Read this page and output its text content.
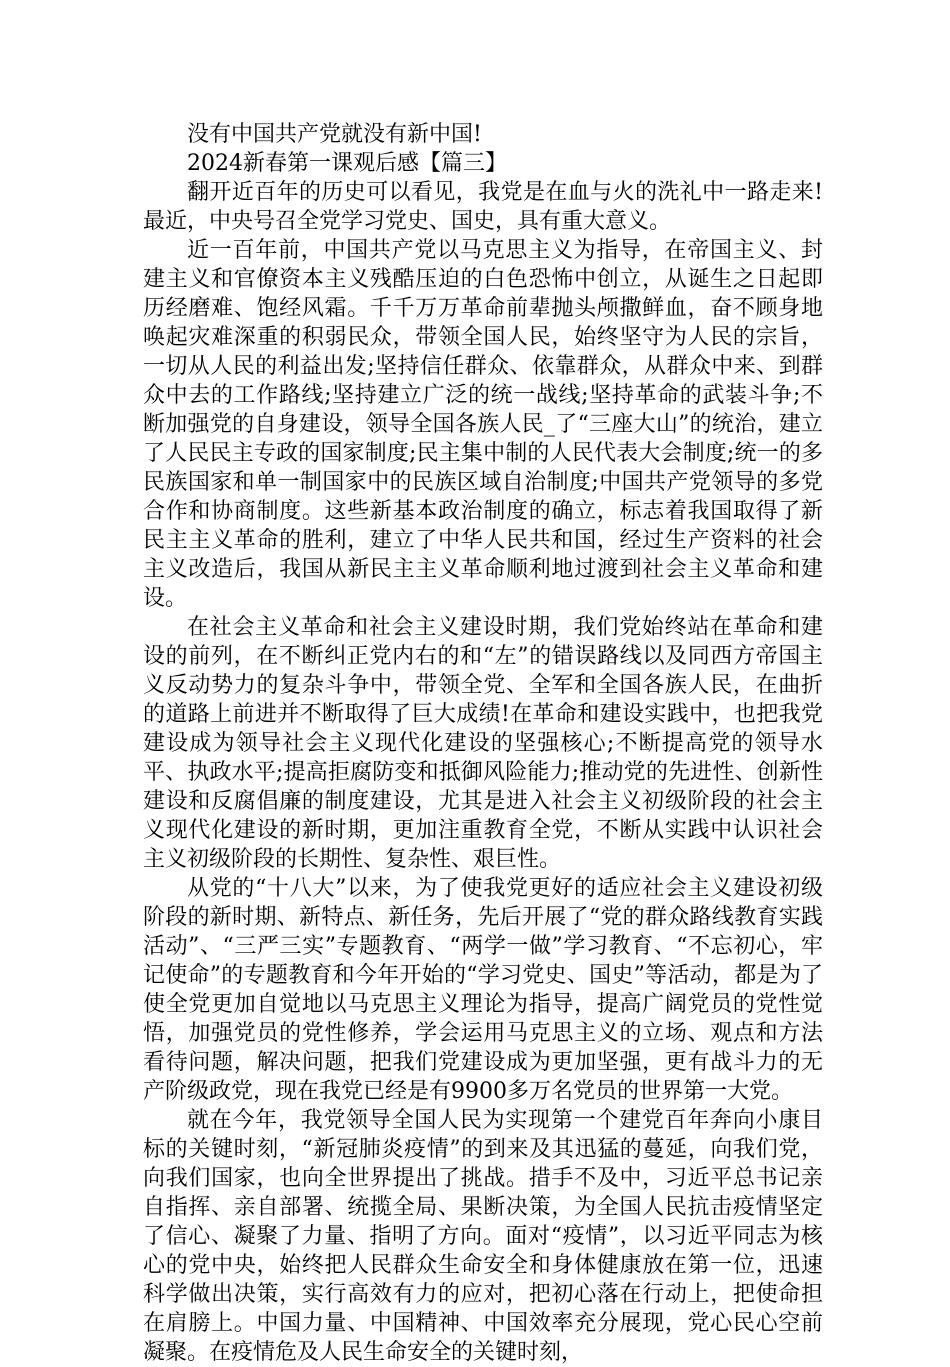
没有中国共产党就没有新中国!

2024新春第一课观后感【篇三】

翻开近百年的历史可以看见，我党是在血与火的洗礼中一路走来!最近，中央号召全党学习党史、国史，具有重大意义。

近一百年前，中国共产党以马克思主义为指导，在帝国主义、封建主义和官僚资本主义残酷压迫的白色恐怖中创立，从诞生之日起即历经磨难、饱经风霜。千千万万革命前辈抛头颅撒鲜血，奋不顾身地唤起灾难深重的积弱民众，带领全国人民，始终坚守为人民的宗旨，一切从人民的利益出发;坚持信任群众、依靠群众，从群众中来、到群众中去的工作路线;坚持建立广泛的统一战线;坚持革命的武装斗争;不断加强党的自身建设，领导全国各族人民_了“三座大山”的统治，建立了人民民主专政的国家制度;民主集中制的人民代表大会制度;统一的多民族国家和单一制国家中的民族区域自治制度;中国共产党领导的多党合作和协商制度。这些新基本政治制度的确立，标志着我国取得了新民主主义革命的胜利，建立了中华人民共和国，经过生产资料的社会主义改造后，我国从新民主主义革命顺利地过渡到社会主义革命和建设。

在社会主义革命和社会主义建设时期，我们党始终站在革命和建设的前列，在不断纠正党内右的和“左”的错误路线以及同西方帝国主义反动势力的复杂斗争中，带领全党、全军和全国各族人民，在曲折的道路上前进并不断取得了巨大成绩!在革命和建设实践中，也把我党建设成为领导社会主义现代化建设的坚强核心;不断提高党的领导水平、执政水平;提高拒腐防变和抵御风险能力;推动党的先进性、创新性建设和反腐倡廉的制度建设，尤其是进入社会主义初级阶段的社会主义现代化建设的新时期，更加注重教育全党，不断从实践中认识社会主义初级阶段的长期性、复杂性、艰巨性。

从党的“十八大”以来，为了使我党更好的适应社会主义建设初级阶段的新时期、新特点、新任务，先后开展了“党的群众路线教育实践活动”、“三严三实”专题教育、“两学一做”学习教育、“不忘初心，牢记使命”的专题教育和今年开始的“学习党史、国史”等活动，都是为了使全党更加自觉地以马克思主义理论为指导，提高广阔党员的党性觉悟，加强党员的党性修养，学会运用马克思主义的立场、观点和方法看待问题，解决问题，把我们党建设成为更加坚强，更有战斗力的无产阶级政党，现在我党已经是有9900多万名党员的世界第一大党。

就在今年，我党领导全国人民为实现第一个建党百年奔向小康目标的关键时刻，“新冠肺炎疫情”的到来及其迅猛的蔓延，向我们党，向我们国家，也向全世界提出了挑战。措手不及中，习近平总书记亲自指挥、亲自部署、统揽全局、果断决策，为全国人民抗击疫情坚定了信心、凝聚了力量、指明了方向。面对“疫情”，以习近平同志为核心的党中央，始终把人民群众生命安全和身体健康放在第一位，迅速科学做出决策，实行高效有力的应对，把初心落在行动上，把使命担在肩膀上。中国力量、中国精神、中国效率充分展现，党心民心空前凝聚。在疫情危及人民生命安全的关键时刻，
